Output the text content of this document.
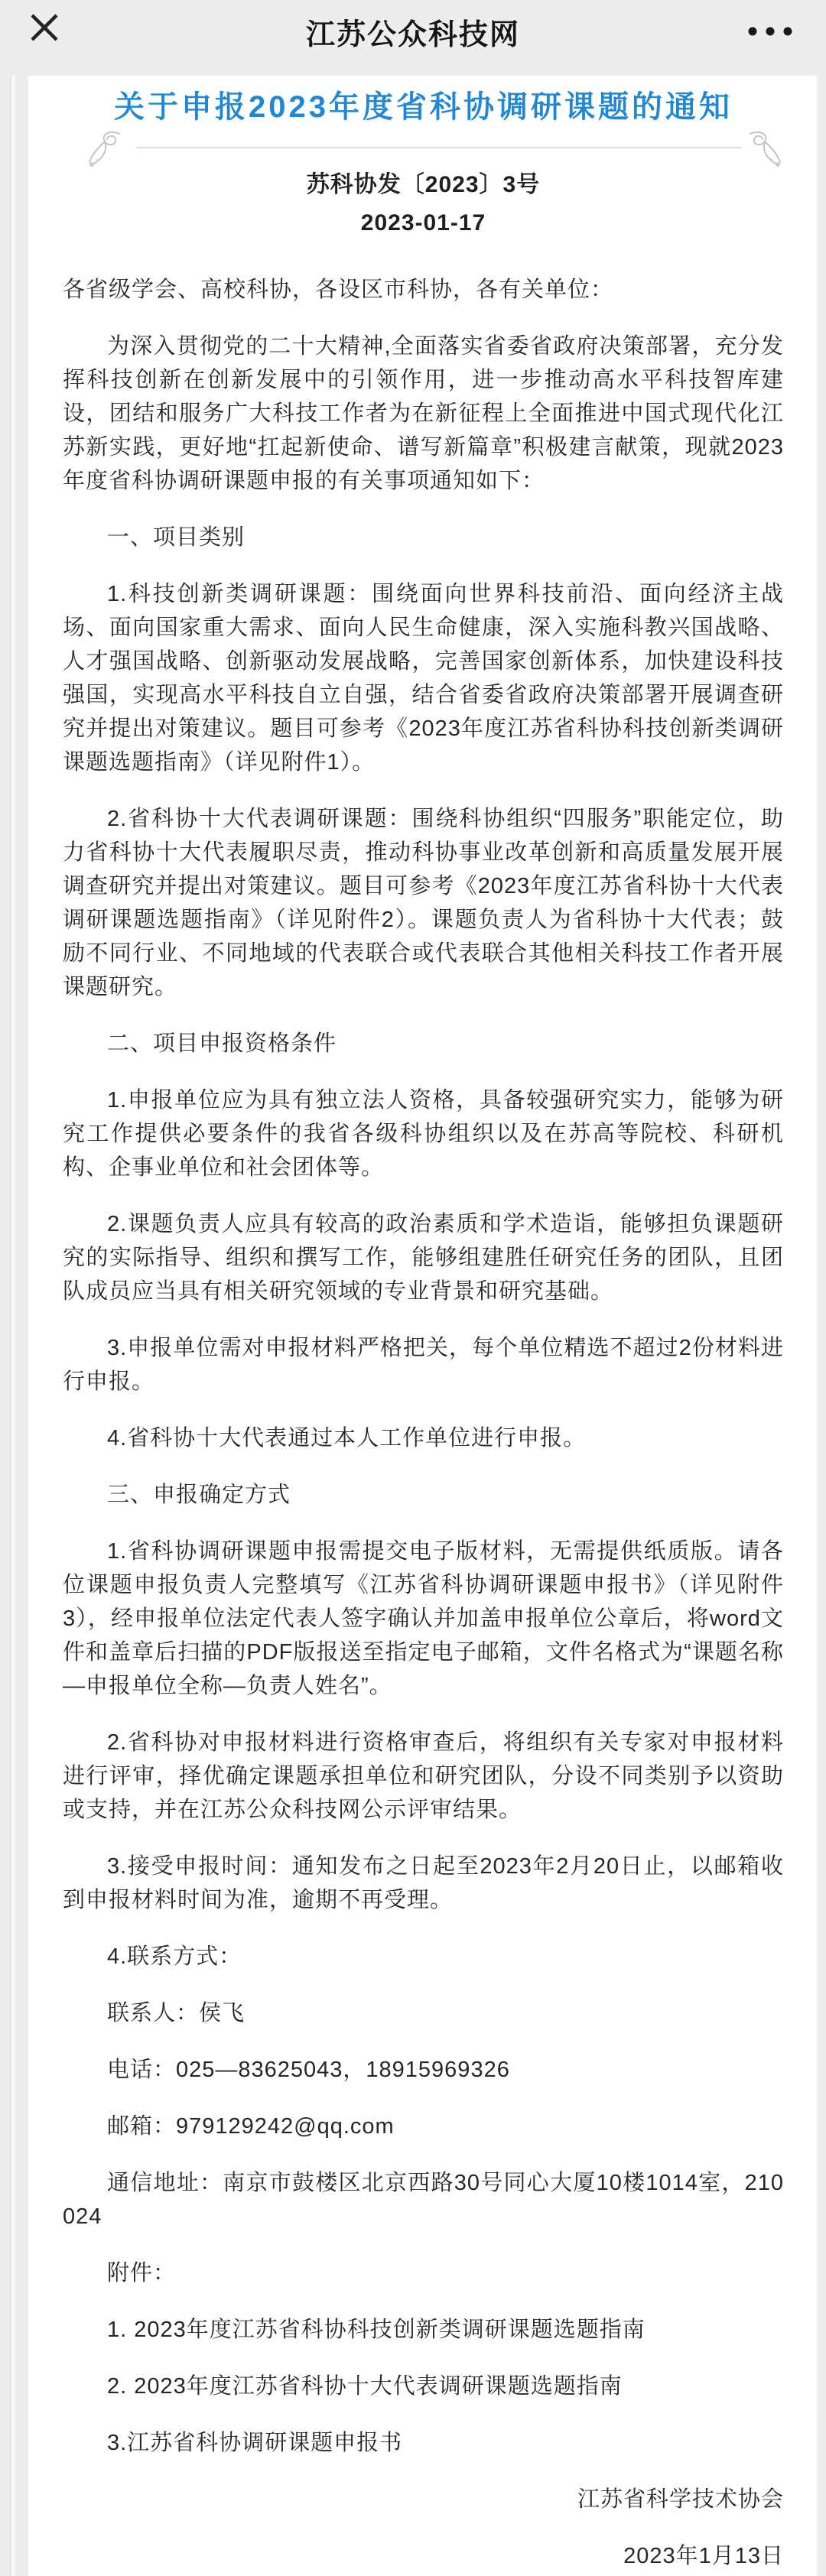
江苏公众科技网
关于申报2023年度省科协调研课题的通知

苏科协发〔2023〕3号

2023-01-17

各省级学会、高校科协，各设区市科协，各有关单位：

为深入贯彻党的二十大精神,全面落实省委省政府决策部署，充分发挥科技创新在创新发展中的引领作用，进一步推动高水平科技智库建设，团结和服务广大科技工作者为在新征程上全面推进中国式现代化江苏新实践，更好地“扛起新使命、谱写新篇章”积极建言献策，现就2023年度省科协调研课题申报的有关事项通知如下：

一、项目类别

1.科技创新类调研课题：围绕面向世界科技前沿、面向经济主战场、面向国家重大需求、面向人民生命健康，深入实施科教兴国战略、人才强国战略、创新驱动发展战略，完善国家创新体系，加快建设科技强国，实现高水平科技自立自强，结合省委省政府决策部署开展调查研究并提出对策建议。题目可参考《2023年度江苏省科协科技创新类调研课题选题指南》（详见附件1）。

2.省科协十大代表调研课题：围绕科协组织“四服务”职能定位，助力省科协十大代表履职尽责，推动科协事业改革创新和高质量发展开展调查研究并提出对策建议。题目可参考《2023年度江苏省科协十大代表调研课题选题指南》（详见附件2）。课题负责人为省科协十大代表；鼓励不同行业、不同地域的代表联合或代表联合其他相关科技工作者开展课题研究。

二、项目申报资格条件

1.申报单位应为具有独立法人资格，具备较强研究实力，能够为研究工作提供必要条件的我省各级科协组织以及在苏高等院校、科研机构、企事业单位和社会团体等。

2.课题负责人应具有较高的政治素质和学术造诣，能够担负课题研究的实际指导、组织和撰写工作，能够组建胜任研究任务的团队，且团队成员应当具有相关研究领域的专业背景和研究基础。

3.申报单位需对申报材料严格把关，每个单位精选不超过2份材料进行申报。

4.省科协十大代表通过本人工作单位进行申报。

三、申报确定方式

1.省科协调研课题申报需提交电子版材料，无需提供纸质版。请各位课题申报负责人完整填写《江苏省科协调研课题申报书》（详见附件3），经申报单位法定代表人签字确认并加盖申报单位公章后，将word文件和盖章后扫描的PDF版报送至指定电子邮箱，文件名格式为“课题名称—申报单位全称—负责人姓名”。

2.省科协对申报材料进行资格审查后，将组织有关专家对申报材料进行评审，择优确定课题承担单位和研究团队，分设不同类别予以资助或支持，并在江苏公众科技网公示评审结果。

3.接受申报时间：通知发布之日起至2023年2月20日止，以邮箱收到申报材料时间为准，逾期不再受理。

4.联系方式：

联系人：侯飞

电话：025—83625043，18915969326

邮箱：979129242@qq.com

通信地址：南京市鼓楼区北京西路30号同心大厦10楼1014室，210024

附件：

1. 2023年度江苏省科协科技创新类调研课题选题指南

2. 2023年度江苏省科协十大代表调研课题选题指南

3.江苏省科协调研课题申报书

江苏省科学技术协会

2023年1月13日
